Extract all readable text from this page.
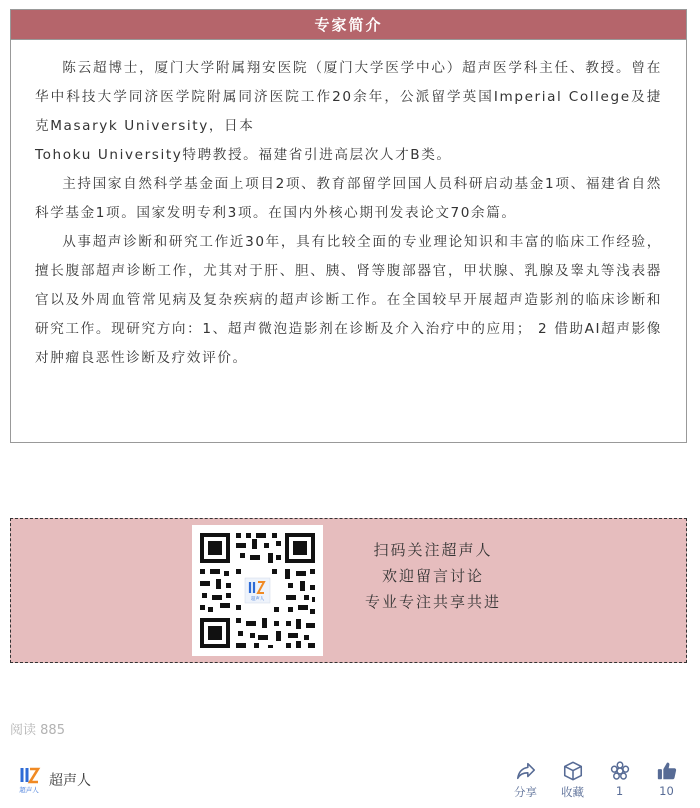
专家简介

陈云超博士，厦门大学附属翔安医院（厦门大学医学中心）超声医学科主任、教授。曾在华中科技大学同济医学院附属同济医院工作20余年，公派留学英国Imperial College及捷克Masaryk University，日本

Tohoku University特聘教授。福建省引进高层次人才B类。

主持国家自然科学基金面上项目2项、教育部留学回国人员科研启动基金1项、福建省自然科学基金1项。国家发明专利3项。在国内外核心期刊发表论文70余篇。

从事超声诊断和研究工作近30年，具有比较全面的专业理论知识和丰富的临床工作经验，擅长腹部超声诊断工作，尤其对于肝、胆、胰、肾等腹部器官，甲状腺、乳腺及睾丸等浅表器官以及外周血管常见病及复杂疾病的超声诊断工作。在全国较早开展超声造影剂的临床诊断和研究工作。现研究方向：1、超声微泡造影剂在诊断及介入治疗中的应用； 2 借助AI超声影像对肿瘤良恶性诊断及疗效评价。

超声人
扫码关注超声人
欢迎留言讨论
专业专注共享共进
阅读 885
超声人
超声人
分享 收藏	1	10
